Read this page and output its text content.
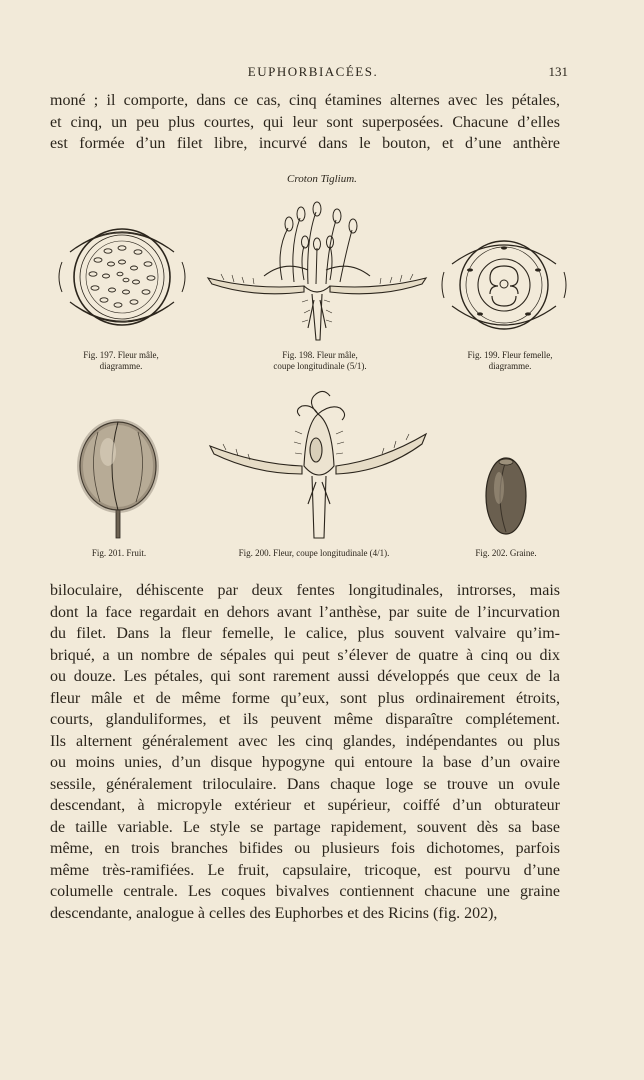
EUPHORBIACÉES.	131

moné ; il comporte, dans ce cas, cinq étamines alternes avec les pétales,
et cinq, un peu plus courtes, qui leur sont superposées. Chacune d’elles
est formée d’un filet libre, incurvé dans le bouton, et d’une anthère

Croton Tiglium.
Fig. 197. Fleur mâle,
diagramme.
Fig. 198. Fleur mâle,
coupe longitudinale (5/1).
Fig. 199. Fleur femelle,
diagramme.
Fig. 201. Fruit.	Fig. 200. Fleur, coupe longitudinale (4/1).	Fig. 202. Graine.

biloculaire, déhiscente par deux fentes longitudinales, introrses, mais
dont la face regardait en dehors avant l’anthèse, par suite de l’incurvation
du filet. Dans la fleur femelle, le calice, plus souvent valvaire qu’im-
briqué, a un nombre de sépales qui peut s’élever de quatre à cinq ou dix
ou douze. Les pétales, qui sont rarement aussi développés que ceux de la
fleur mâle et de même forme qu’eux, sont plus ordinairement étroits,
courts, glanduliformes, et ils peuvent même disparaître complétement.
Ils alternent généralement avec les cinq glandes, indépendantes ou plus
ou moins unies, d’un disque hypogyne qui entoure la base d’un ovaire
sessile, généralement triloculaire. Dans chaque loge se trouve un ovule
descendant, à micropyle extérieur et supérieur, coiffé d’un obturateur
de taille variable. Le style se partage rapidement, souvent dès sa base
même, en trois branches bifides ou plusieurs fois dichotomes, parfois
même très-ramifiées. Le fruit, capsulaire, tricoque, est pourvu d’une
columelle centrale. Les coques bivalves contiennent chacune une graine
descendante, analogue à celles des Euphorbes et des Ricins (fig. 202),
